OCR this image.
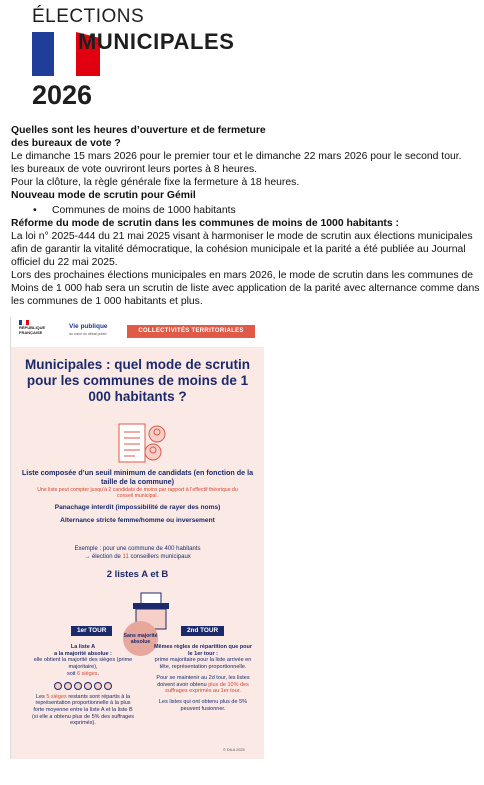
ÉLECTIONS
MUNICIPALES
2026

Quelles sont les heures d’ouverture et de fermeture

des bureaux de vote ?

Le dimanche 15 mars 2026 pour le premier tour et le dimanche 22 mars 2026 pour le second tour.

les bureaux de vote ouvriront leurs portes à 8 heures.

Pour la clôture, la règle générale fixe la fermeture à 18 heures.

Nouveau mode de scrutin pour Gémil

• Communes de moins de 1000 habitants

Réforme du mode de scrutin dans les communes de moins de 1000 habitants :

La loi n° 2025-444 du 21 mai 2025 visant à harmoniser le mode de scrutin aux élections municipales afin de garantir la vitalité démocratique, la cohésion municipale et la parité a été publiée au Journal officiel du 22 mai 2025.

Lors des prochaines élections municipales en mars 2026, le mode de scrutin dans les communes de Moins de 1 000 hab sera un scrutin de liste avec application de la parité avec alternance comme dans les communes de 1 000 habitants et plus.

RÉPUBLIQUE
FRANÇAISE
Vie publique
au cœur du débat public	COLLECTIVITÉS TERRITORIALES
Municipales : quel mode de scrutin pour les communes de moins de 1 000 habitants ?
Liste composée d’un seuil minimum de candidats (en fonction de la taille de la commune)
Une liste peut compter jusqu’à 2 candidats de moins par rapport à l’effectif théorique du conseil municipal.
Panachage interdit (impossibilité de rayer des noms)
Alternance stricte femme/homme ou inversement
Exemple : pour une commune de 400 habitants
→ élection de 11 conseillers municipaux
2 listes A et B
1er TOUR	2nd TOUR
Sans majorité absolue
La liste A
a la majorité absolue :
elle obtient la majorité des sièges (prime majoritaire),
soit 6 sièges.
Les 5 sièges restants sont répartis à la représentation proportionnelle à la plus forte moyenne entre la liste A et la liste B (si elle a obtenu plus de 5% des suffrages exprimés).
Mêmes règles de répartition que pour le 1er tour :
prime majoritaire pour la liste arrivée en tête, représentation proportionnelle.
Pour se maintenir au 2d tour, les listes doivent avoir obtenu plus de 10% des suffrages exprimés au 1er tour.
Les listes qui ont obtenu plus de 5% peuvent fusionner.
© DILA 2025
